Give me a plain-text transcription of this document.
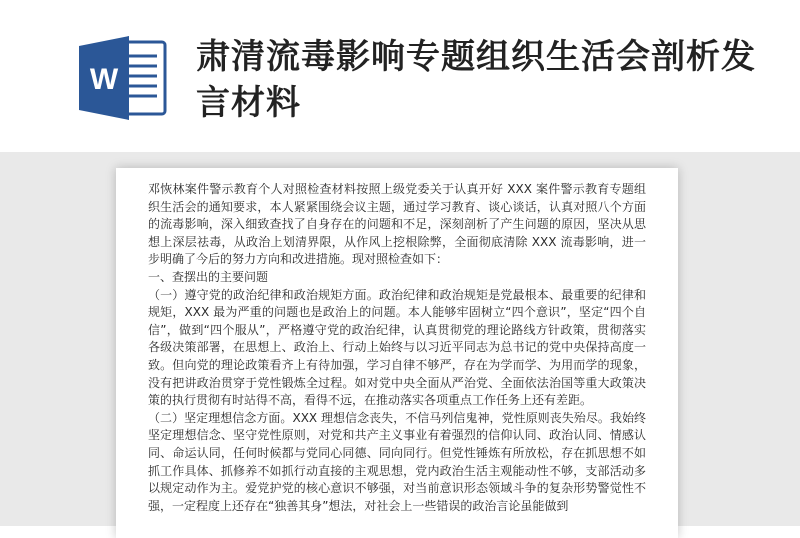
W
肃清流毒影响专题组织生活会剖析发言材料

邓恢林案件警示教育个人对照检查材料按照上级党委关于认真开好 XXX 案件警示教育专题组织生活会的通知要求，本人紧紧围绕会议主题，通过学习教育、谈心谈话，认真对照八个方面的流毒影响，深入细致查找了自身存在的问题和不足，深刻剖析了产生问题的原因，坚决从思想上深层祛毒，从政治上划清界限，从作风上挖根除弊，全面彻底清除 XXX 流毒影响，进一步明确了今后的努力方向和改进措施。现对照检查如下：

一、查摆出的主要问题

（一）遵守党的政治纪律和政治规矩方面。政治纪律和政治规矩是党最根本、最重要的纪律和规矩，XXX 最为严重的问题也是政治上的问题。本人能够牢固树立“四个意识”，坚定“四个自信”，做到“四个服从”，严格遵守党的政治纪律，认真贯彻党的理论路线方针政策，贯彻落实各级决策部署，在思想上、政治上、行动上始终与以习近平同志为总书记的党中央保持高度一致。但向党的理论政策看齐上有待加强，学习自律不够严，存在为学而学、为用而学的现象，没有把讲政治贯穿于党性锻炼全过程。如对党中央全面从严治党、全面依法治国等重大政策决策的执行贯彻有时站得不高，看得不远，在推动落实各项重点工作任务上还有差距。

（二）坚定理想信念方面。XXX 理想信念丧失，不信马列信鬼神，党性原则丧失殆尽。我始终坚定理想信念、坚守党性原则，对党和共产主义事业有着强烈的信仰认同、政治认同、情感认同、命运认同，任何时候都与党同心同德、同向同行。但党性锤炼有所放松，存在抓思想不如抓工作具体、抓修养不如抓行动直接的主观思想，党内政治生活主观能动性不够，支部活动多以规定动作为主。爱党护党的核心意识不够强，对当前意识形态领域斗争的复杂形势警觉性不强，一定程度上还存在“独善其身”想法，对社会上一些错误的政治言论虽能做到
